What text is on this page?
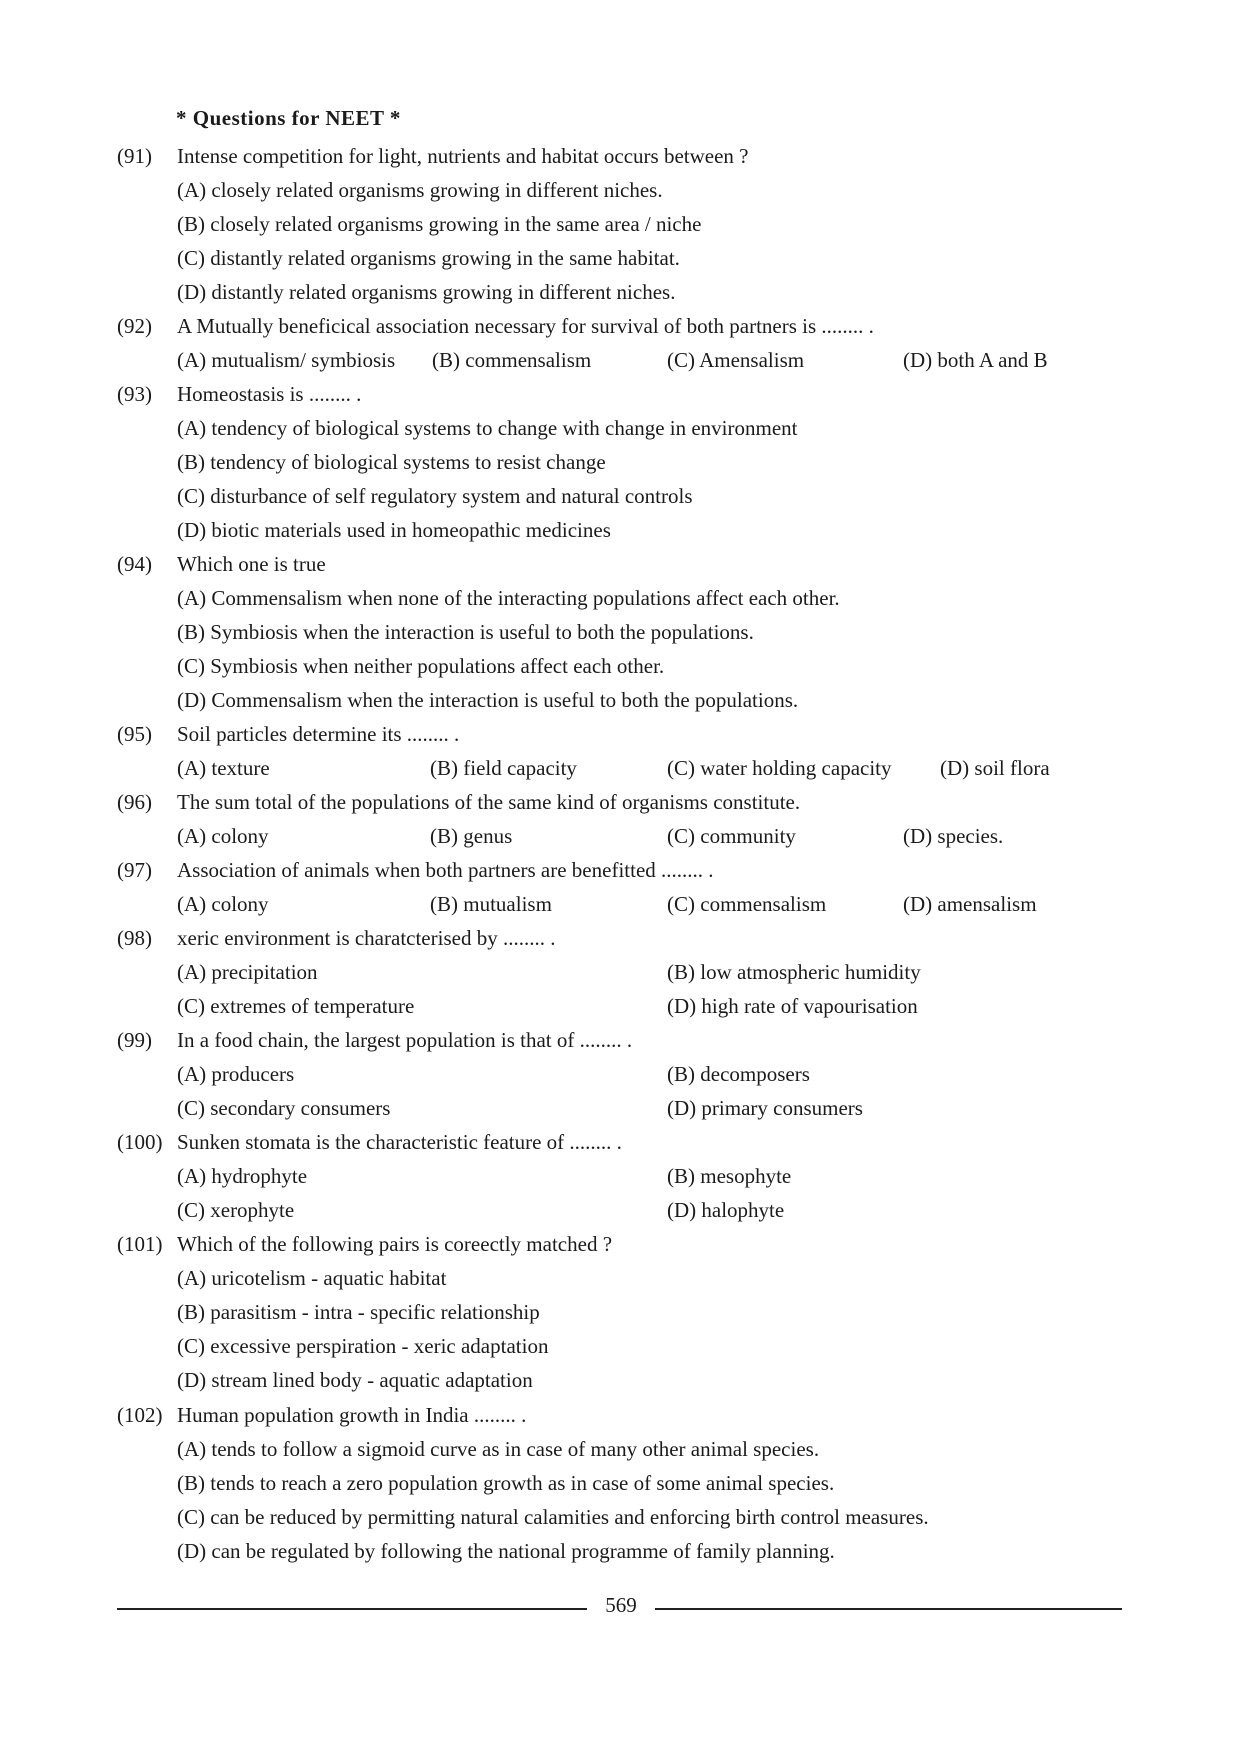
* Questions for NEET *
(91) Intense competition for light, nutrients and habitat occurs between ?
(A) closely related organisms growing in different niches.
(B) closely related organisms growing in the same area / niche
(C) distantly related organisms growing in the same habitat.
(D) distantly related organisms growing in different niches.
(92) A Mutually beneficical association necessary for survival of both partners is ........ .
(A) mutualism/ symbiosis (B) commensalism	(C) Amensalism	(D) both A and B
(93) Homeostasis is ........ .
(A) tendency of biological systems to change with change in environment
(B) tendency of biological systems to resist change
(C) disturbance of self regulatory system and natural controls
(D) biotic materials used in homeopathic medicines
(94) Which one is true
(A) Commensalism when none of the interacting populations affect each other.
(B) Symbiosis when the interaction is useful to both the populations.
(C) Symbiosis when neither populations affect each other.
(D) Commensalism when the interaction is useful to both the populations.
(95) Soil particles determine its ........ .
(A) texture	(B) field capacity	(C) water holding capacity (D) soil flora
(96) The sum total of the populations of the same kind of organisms constitute.
(A) colony	(B) genus	(C) community	(D) species.
(97) Association of animals when both partners are benefitted ........ .
(A) colony	(B) mutualism	(C) commensalism	(D) amensalism
(98) xeric environment is charatcterised by ........ .
(A) precipitation	(B) low atmospheric humidity
(C) extremes of temperature	(D) high rate of vapourisation
(99) In a food chain, the largest population is that of ........ .
(A) producers	(B) decomposers
(C) secondary consumers	(D) primary consumers
(100) Sunken stomata is the characteristic feature of ........ .
(A) hydrophyte	(B) mesophyte
(C) xerophyte	(D) halophyte
(101) Which of the following pairs is coreectly matched ?
(A) uricotelism - aquatic habitat
(B) parasitism - intra - specific relationship
(C) excessive perspiration - xeric adaptation
(D) stream lined body - aquatic adaptation
(102) Human population growth in India ........ .
(A) tends to follow a sigmoid curve as in case of many other animal species.
(B) tends to reach a zero population growth as in case of some animal species.
(C) can be reduced by permitting natural calamities and enforcing birth control measures.
(D) can be regulated by following the national programme of family planning.
569
